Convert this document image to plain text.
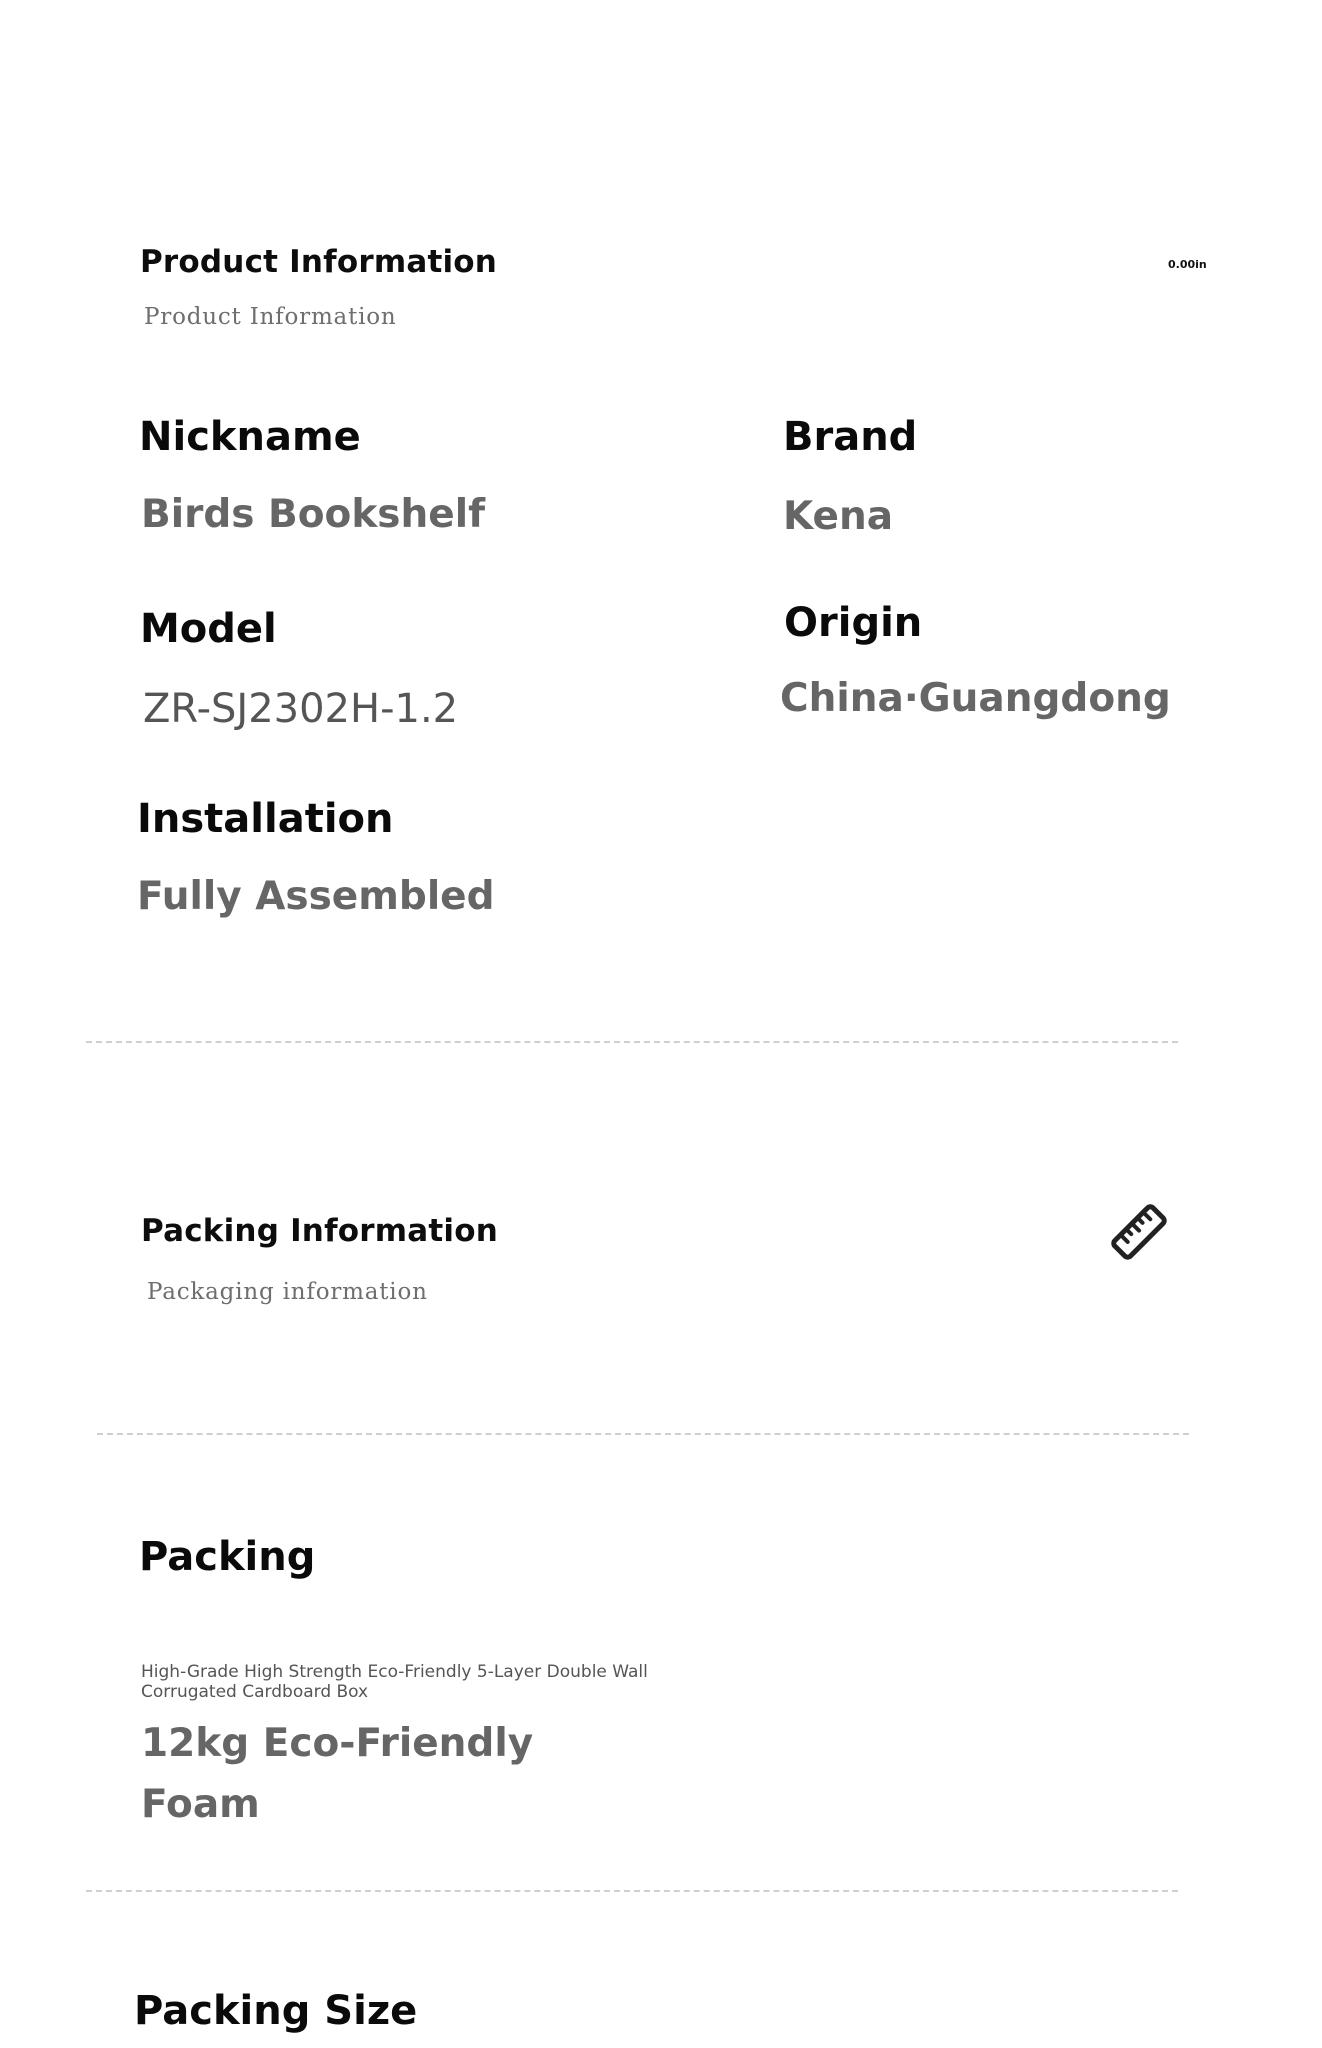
Product Information
Product Information
0.00in
Nickname
Birds Bookshelf
Brand
Kena
Model
ZR-SJ2302H-1.2
Origin
China·Guangdong
Installation
Fully Assembled
Packing Information
Packaging information
Packing
High-Grade High Strength Eco-Friendly 5-Layer Double Wall Corrugated Cardboard Box
12kg Eco-Friendly Foam
Packing Size
